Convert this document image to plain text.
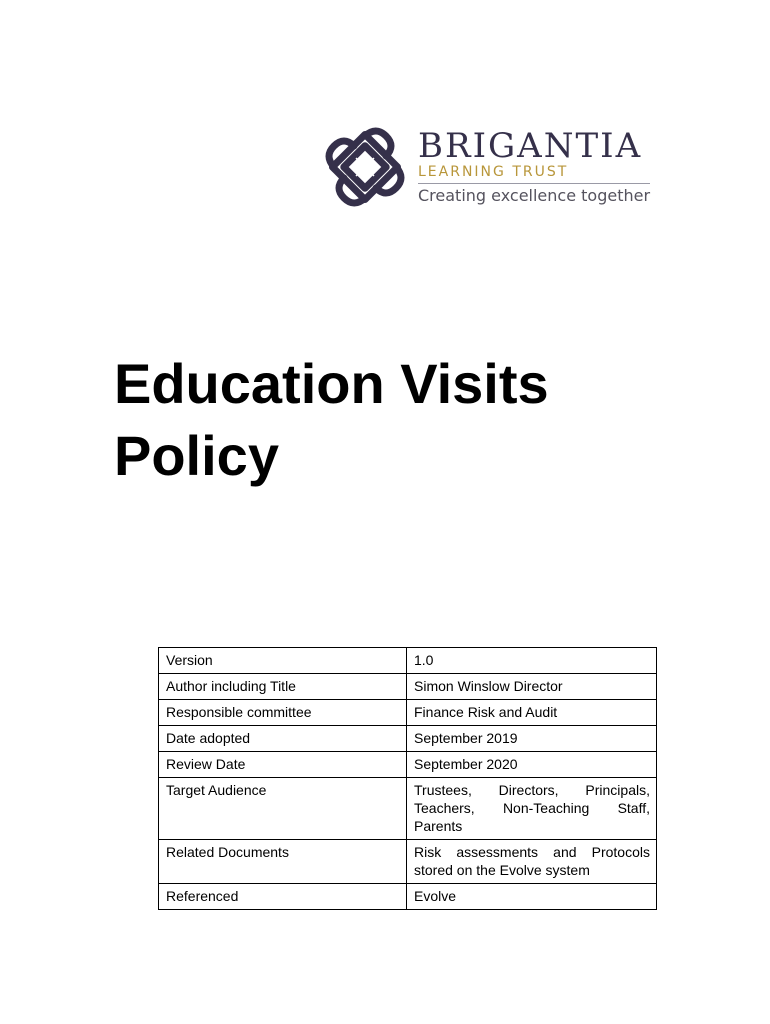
BRIGANTIA
LEARNING TRUST
Creating excellence together
Education Visits
Policy
Version	1.0
Author including Title	Simon Winslow Director
Responsible committee	Finance Risk and Audit
Date adopted	September 2019
Review Date	September 2020
Target Audience	Trustees, Directors, Principals, Teachers, Non-Teaching Staff, Parents
Related Documents	Risk assessments and Protocols stored on the Evolve system
Referenced	Evolve
